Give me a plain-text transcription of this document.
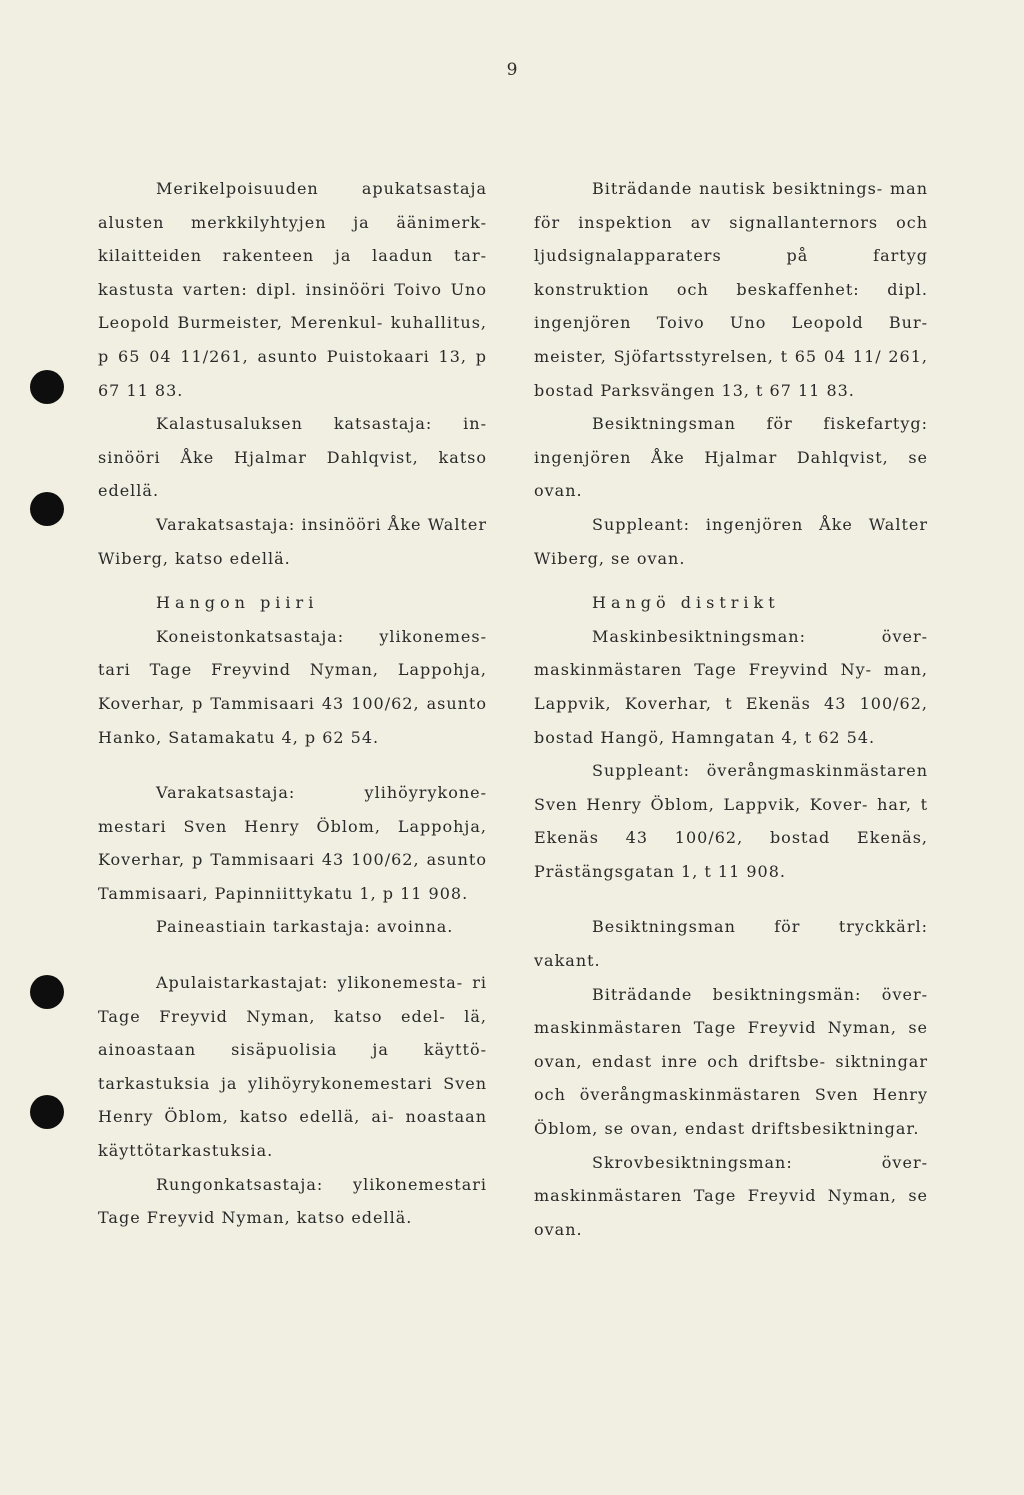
9

Merikelpoisuuden apukatsastaja alusten merkkilyhtyjen ja äänimerk- kilaitteiden rakenteen ja laadun tar- kastusta varten: dipl. insinööri Toivo Uno Leopold Burmeister, Merenkul- kuhallitus, p 65 04 11/261, asunto Puistokaari 13, p 67 11 83.

Kalastusaluksen katsastaja: in- sinööri Åke Hjalmar Dahlqvist, katso edellä.

Varakatsastaja: insinööri Åke Walter Wiberg, katso edellä.

Hangon piiri

Koneistonkatsastaja: ylikonemes- tari Tage Freyvind Nyman, Lappohja, Koverhar, p Tammisaari 43 100/62, asunto Hanko, Satamakatu 4, p 62 54.

Varakatsastaja: ylihöyrykone- mestari Sven Henry Öblom, Lappohja, Koverhar, p Tammisaari 43 100/62, asunto Tammisaari, Papinniittykatu 1, p 11 908.

Paineastiain tarkastaja: avoinna.

Apulaistarkastajat: ylikonemesta- ri Tage Freyvid Nyman, katso edel- lä, ainoastaan sisäpuolisia ja käyttö- tarkastuksia ja ylihöyrykonemestari Sven Henry Öblom, katso edellä, ai- noastaan käyttötarkastuksia.

Rungonkatsastaja: ylikonemestari Tage Freyvid Nyman, katso edellä.

Biträdande nautisk besiktnings- man för inspektion av signallanternors och ljudsignalapparaters på fartyg konstruktion och beskaffenhet: dipl. ingenjören Toivo Uno Leopold Bur- meister, Sjöfartsstyrelsen, t 65 04 11/ 261, bostad Parksvängen 13, t 67 11 83.

Besiktningsman för fiskefartyg: ingenjören Åke Hjalmar Dahlqvist, se ovan.

Suppleant: ingenjören Åke Walter Wiberg, se ovan.

Hangö distrikt

Maskinbesiktningsman: över- maskinmästaren Tage Freyvind Ny- man, Lappvik, Koverhar, t Ekenäs 43 100/62, bostad Hangö, Hamngatan 4, t 62 54.

Suppleant: överångmaskinmästaren Sven Henry Öblom, Lappvik, Kover- har, t Ekenäs 43 100/62, bostad Ekenäs, Prästängsgatan 1, t 11 908.

Besiktningsman för tryckkärl: vakant.

Biträdande besiktningsmän: över- maskinmästaren Tage Freyvid Nyman, se ovan, endast inre och driftsbe- siktningar och överångmaskinmästaren Sven Henry Öblom, se ovan, endast driftsbesiktningar.

Skrovbesiktningsman: över- maskinmästaren Tage Freyvid Nyman, se ovan.
